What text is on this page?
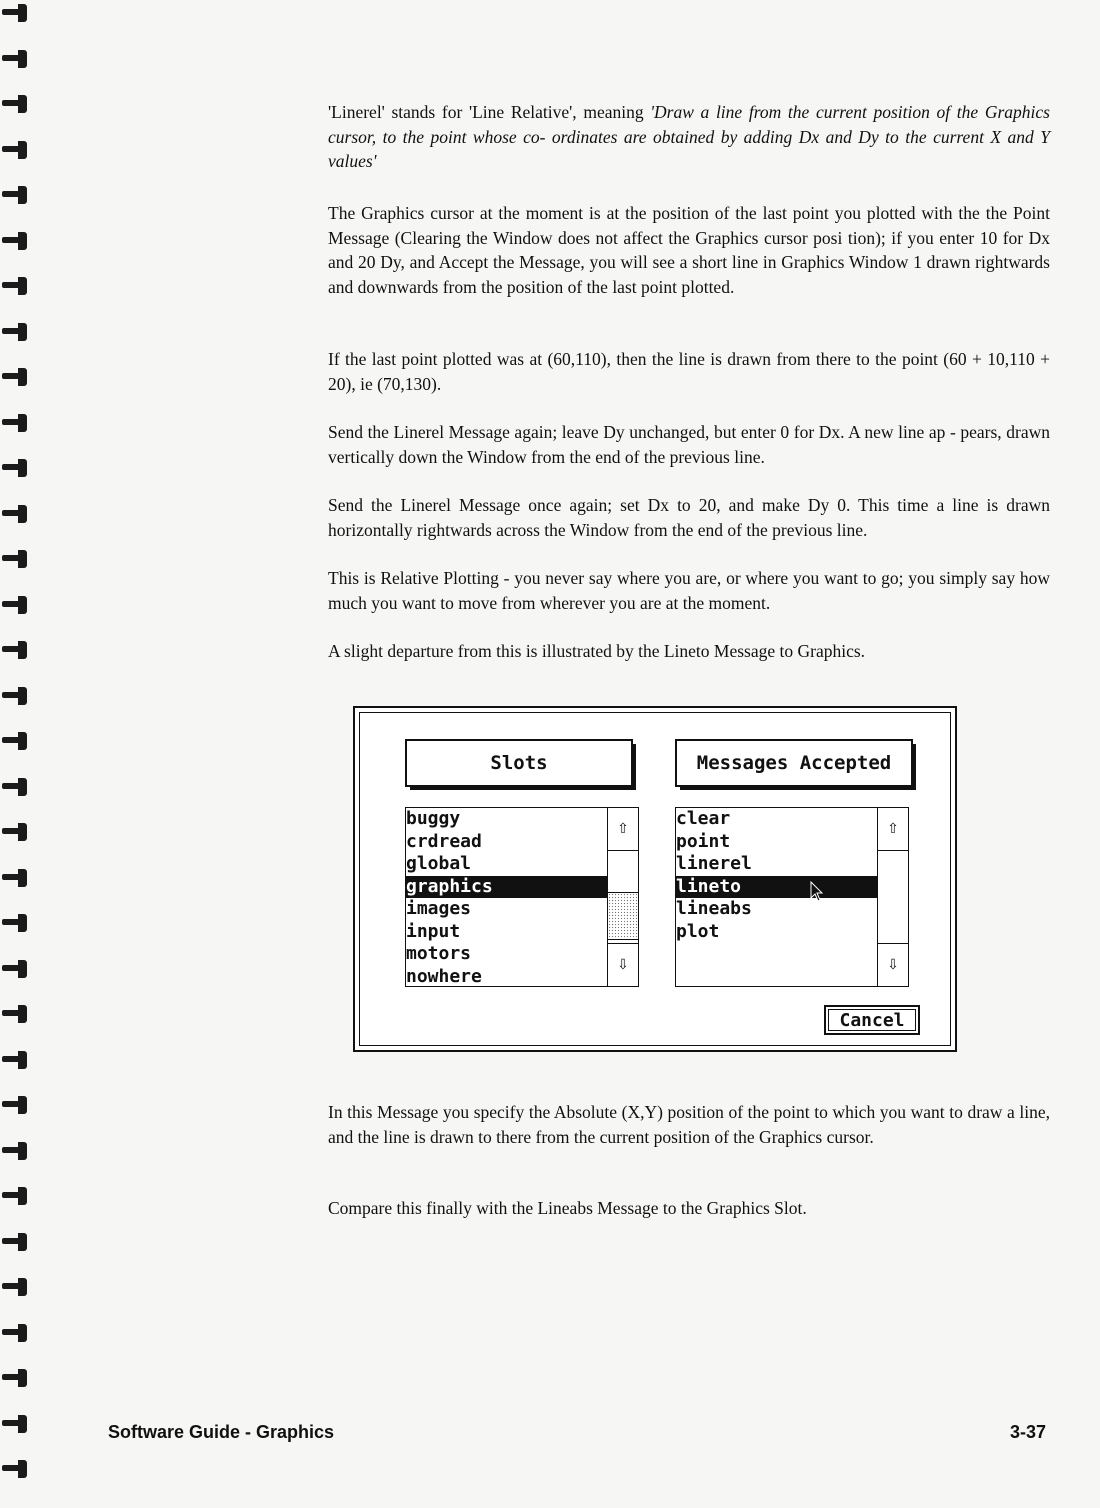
'Linerel' stands for 'Line Relative', meaning 'Draw a line from the current position of the Graphics cursor, to the point whose co- ordinates are obtained by adding Dx and Dy to the current X and Y values'

The Graphics cursor at the moment is at the position of the last point you plotted with the the Point Message (Clearing the Window does not affect the Graphics cursor posi tion); if you enter 10 for Dx and 20 Dy, and Accept the Message, you will see a short line in Graphics Window 1 drawn rightwards and downwards from the position of the last point plotted.

If the last point plotted was at (60,110), then the line is drawn from there to the point (60 + 10,110 + 20), ie (70,130).

Send the Linerel Message again; leave Dy unchanged, but enter 0 for Dx. A new line ap - pears, drawn vertically down the Window from the end of the previous line.

Send the Linerel Message once again; set Dx to 20, and make Dy 0. This time a line is drawn horizontally rightwards across the Window from the end of the previous line.

This is Relative Plotting - you never say where you are, or where you want to go; you simply say how much you want to move from wherever you are at the moment.

A slight departure from this is illustrated by the Lineto Message to Graphics.

Slots	Messages Accepted
buggy
crdread
global
graphics
images
input
motors
nowhere
⇧
⇩
clear
point
linerel
lineto
lineabs
plot
⇧
⇩
Cancel

In this Message you specify the Absolute (X,Y) position of the point to which you want to draw a line, and the line is drawn to there from the current position of the Graphics cursor.

Compare this finally with the Lineabs Message to the Graphics Slot.

Software Guide - Graphics	3-37
